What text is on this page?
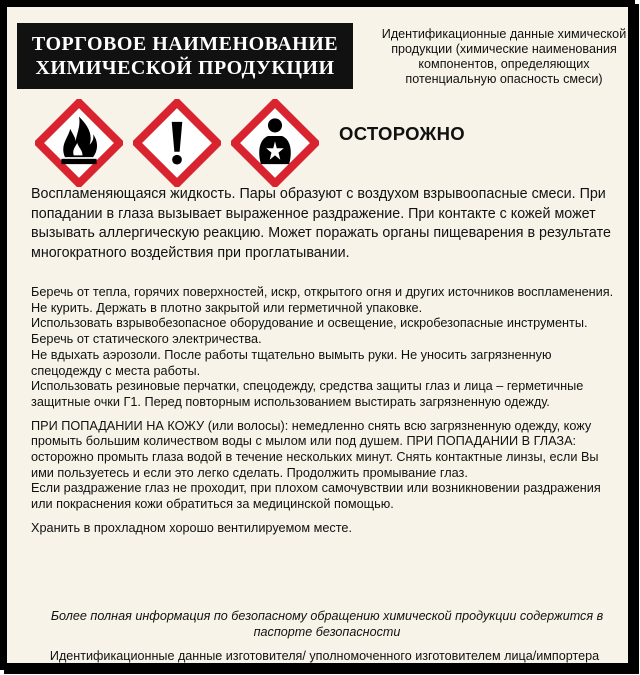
ТОРГОВОЕ НАИМЕНОВАНИЕ ХИМИЧЕСКОЙ ПРОДУКЦИИ
Идентификационные данные химической продукции (химические наименования компонентов, определяющих потенциальную опасность смеси)
ОСТОРОЖНО
Воспламеняющаяся жидкость. Пары образуют с воздухом взрывоопасные смеси. При попадании в глаза вызывает выраженное раздражение. При контакте с кожей может вызывать аллергическую реакцию. Может поражать органы пищеварения в результате многократного воздействия при проглатывании.

Беречь от тепла, горячих поверхностей, искр, открытого огня и других источников воспламенения. Не курить. Держать в плотно закрытой или герметичной упаковке.

Использовать взрывобезопасное оборудование и освещение, искробезопасные инструменты. Беречь от статического электричества.

Не вдыхать аэрозоли. После работы тщательно вымыть руки. Не уносить загрязненную спецодежду с места работы.

Использовать резиновые перчатки, спецодежду, средства защиты глаз и лица – герметичные защитные очки Г1. Перед повторным использованием выстирать загрязненную одежду.

ПРИ ПОПАДАНИИ НА КОЖУ (или волосы): немедленно снять всю загрязненную одежду, кожу промыть большим количеством воды с мылом или под душем. ПРИ ПОПАДАНИИ В ГЛАЗА: осторожно промыть глаза водой в течение нескольких минут. Снять контактные линзы, если Вы ими пользуетесь и если это легко сделать. Продолжить промывание глаз.

Если раздражение глаз не проходит, при плохом самочувствии или возникновении раздражения или покраснения кожи обратиться за медицинской помощью.

Хранить в прохладном хорошо вентилируемом месте.

Более полная информация по безопасному обращению химической продукции содержится в паспорте безопасности
Идентификационные данные изготовителя/ уполномоченного изготовителем лица/импортера
